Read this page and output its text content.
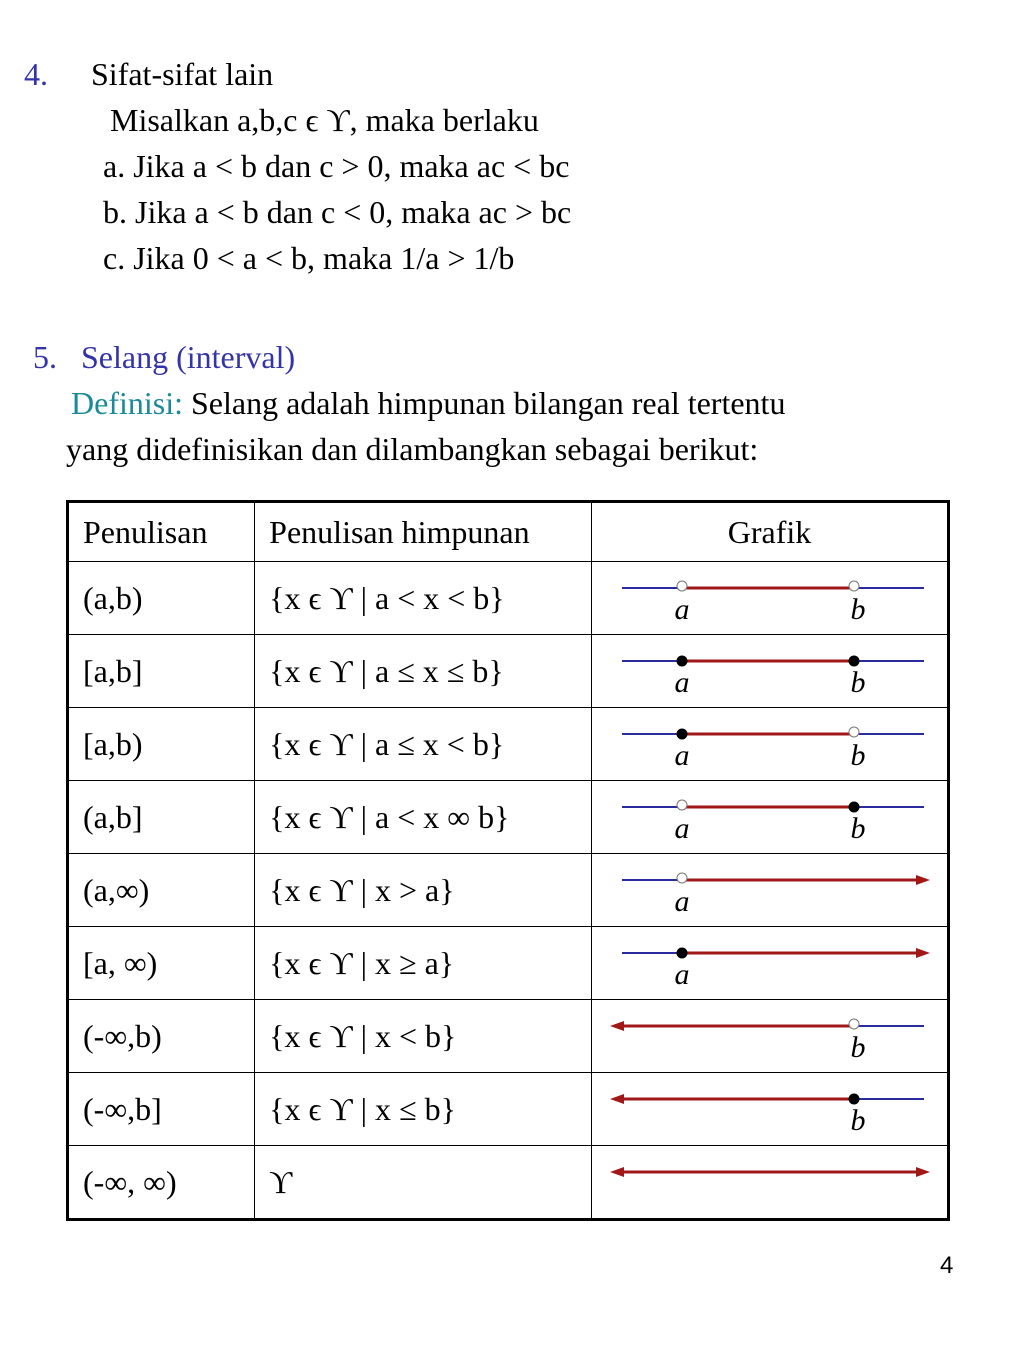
4. Sifat-sifat lain
Misalkan a,b,c ϵ ϒ, maka berlaku
a. Jika a < b dan c > 0, maka ac < bc
b. Jika a < b dan c < 0, maka ac > bc
c. Jika 0 < a < b, maka 1/a > 1/b
5. Selang (interval)
Definisi: Selang adalah himpunan bilangan real tertentu
yang didefinisikan dan dilambangkan sebagai berikut:
Penulisan	Penulisan himpunan	Grafik
(a,b)	{x ϵ ϒ | a < x < b}	a b

[a,b]	{x ϵ ϒ | a ≤ x ≤ b}	a b

[a,b)	{x ϵ ϒ | a ≤ x < b}	a b

(a,b]	{x ϵ ϒ | a < x ∞ b}	a b

(a,∞)	{x ϵ ϒ | x > a}	a

[a, ∞)	{x ϵ ϒ | x ≥ a}	a

(-∞,b)	{x ϵ ϒ | x < b}	b

(-∞,b]	{x ϵ ϒ | x ≤ b}	b

(-∞, ∞)	ϒ	
4
